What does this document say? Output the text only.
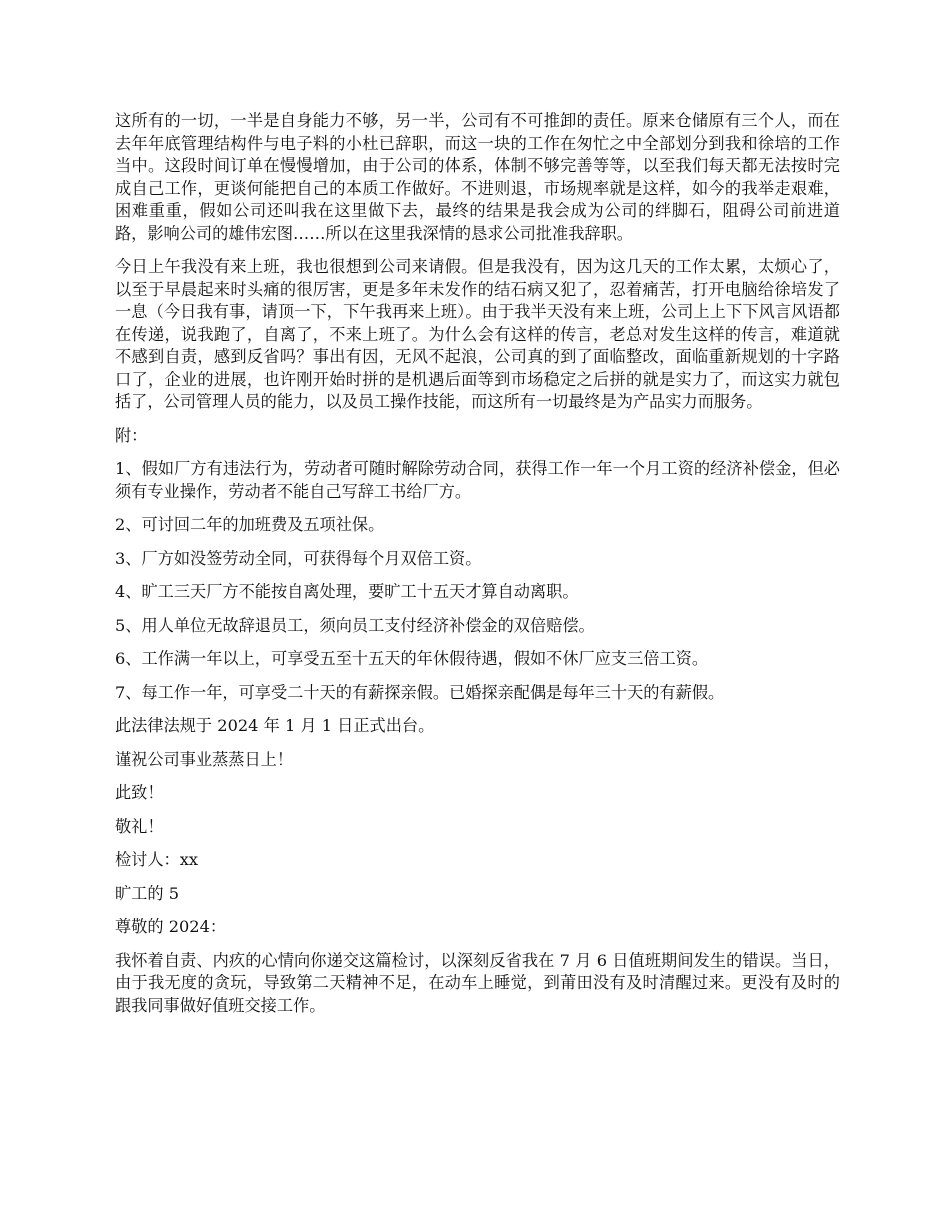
这所有的一切，一半是自身能力不够，另一半，公司有不可推卸的责任。原来仓储原有三个人，而在去年年底管理结构件与电子料的小杜已辞职，而这一块的工作在匆忙之中全部划分到我和徐培的工作当中。这段时间订单在慢慢增加，由于公司的体系，体制不够完善等等，以至我们每天都无法按时完成自己工作，更谈何能把自己的本质工作做好。不进则退，市场规率就是这样，如今的我举走艰难，困难重重，假如公司还叫我在这里做下去，最终的结果是我会成为公司的绊脚石，阻碍公司前进道路，影响公司的雄伟宏图……所以在这里我深情的恳求公司批准我辞职。

今日上午我没有来上班，我也很想到公司来请假。但是我没有，因为这几天的工作太累，太烦心了，以至于早晨起来时头痛的很厉害，更是多年未发作的结石病又犯了，忍着痛苦，打开电脑给徐培发了一息（今日我有事，请顶一下，下午我再来上班）。由于我半天没有来上班，公司上上下下风言风语都在传递，说我跑了，自离了，不来上班了。为什么会有这样的传言，老总对发生这样的传言，难道就不感到自责，感到反省吗？事出有因，无风不起浪，公司真的到了面临整改，面临重新规划的十字路口了，企业的进展，也许刚开始时拼的是机遇后面等到市场稳定之后拼的就是实力了，而这实力就包括了，公司管理人员的能力，以及员工操作技能，而这所有一切最终是为产品实力而服务。

附：

1、假如厂方有违法行为，劳动者可随时解除劳动合同，获得工作一年一个月工资的经济补偿金，但必须有专业操作，劳动者不能自己写辞工书给厂方。

2、可讨回二年的加班费及五项社保。

3、厂方如没签劳动全同，可获得每个月双倍工资。

4、旷工三天厂方不能按自离处理，要旷工十五天才算自动离职。

5、用人单位无故辞退员工，须向员工支付经济补偿金的双倍赔偿。

6、工作满一年以上，可享受五至十五天的年休假待遇，假如不休厂应支三倍工资。

7、每工作一年，可享受二十天的有薪探亲假。已婚探亲配偶是每年三十天的有薪假。

此法律法规于 2024 年 1 月 1 日正式出台。

谨祝公司事业蒸蒸日上！

此致！

敬礼！

检讨人：xx

旷工的 5

尊敬的 2024：

我怀着自责、内疚的心情向你递交这篇检讨，以深刻反省我在 7 月 6 日值班期间发生的错误。当日，由于我无度的贪玩，导致第二天精神不足，在动车上睡觉，到莆田没有及时清醒过来。更没有及时的跟我同事做好值班交接工作。
